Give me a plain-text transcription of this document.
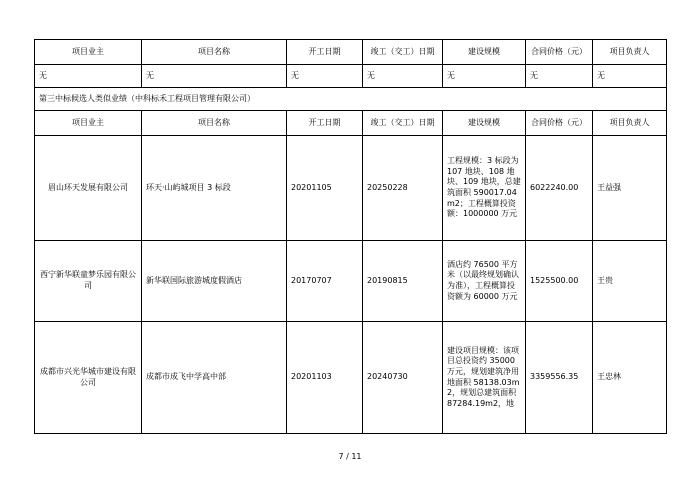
项目业主	项目名称	开工日期	竣工（交工）日期	建设规模	合同价格（元）	项目负责人
无	无	无	无	无	无	无
第三中标候选人类似业绩（中科标禾工程项目管理有限公司）						
项目业主	项目名称	开工日期	竣工（交工）日期	建设规模	合同价格（元）	项目负责人
眉山环天发展有限公司	环天·山屿城项目 3 标段	20201105	20250228	工程规模：3 标段为 107 地块、108 地块、109 地块，总建筑面积 590017.04m2；工程概算投资额：1000000 万元	6022240.00	王益强
西宁新华联童梦乐园有限公司	新华联国际旅游城度假酒店	20170707	20190815	酒店约 76500 平方米（以最终规划确认为准），工程概算投资额为 60000 万元	1525500.00	王贵
成都市兴光华城市建设有限公司	成都市成飞中学高中部	20201103	20240730	建设项目规模：该项目总投资约 35000 万元，规划建筑净用地面积 58138.03m2，规划总建筑面积 87284.19m2，地	3359556.35	王忠林
7 / 11
